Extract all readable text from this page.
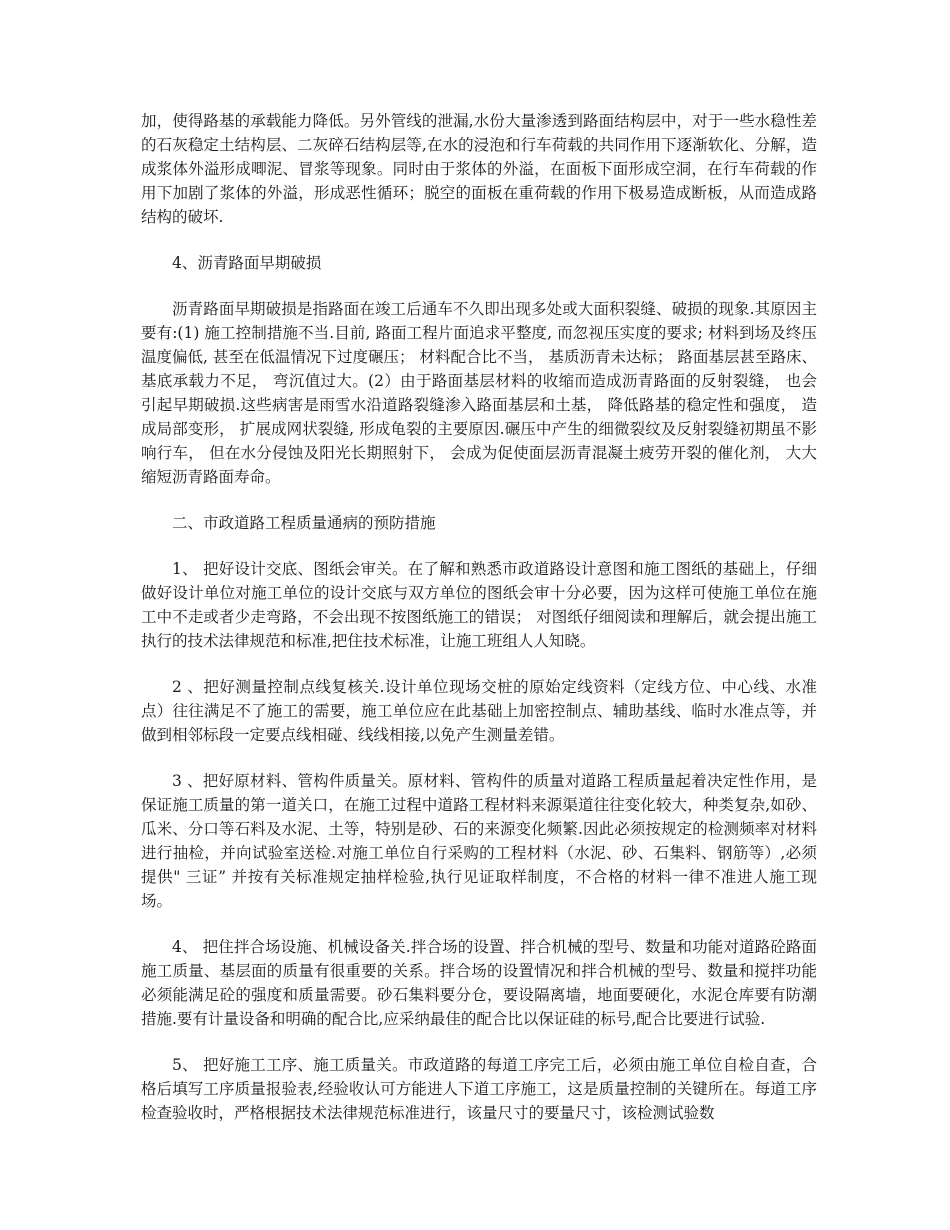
加，使得路基的承载能力降低。另外管线的泄漏,水份大量渗透到路面结构层中，对于一些水稳性差的石灰稳定土结构层、二灰碎石结构层等,在水的浸泡和行车荷载的共同作用下逐渐软化、分解，造成浆体外溢形成唧泥、冒浆等现象。同时由于浆体的外溢，在面板下面形成空洞，在行车荷载的作用下加剧了浆体的外溢，形成恶性循环；脱空的面板在重荷载的作用下极易造成断板，从而造成路结构的破坏.

4、沥青路面早期破损

沥青路面早期破损是指路面在竣工后通车不久即出现多处或大面积裂缝、破损的现象.其原因主要有:(1) 施工控制措施不当.目前, 路面工程片面追求平整度, 而忽视压实度的要求; 材料到场及终压温度偏低, 甚至在低温情况下过度碾压； 材料配合比不当， 基质沥青未达标； 路面基层甚至路床、基底承载力不足， 弯沉值过大。(2）由于路面基层材料的收缩而造成沥青路面的反射裂缝， 也会引起早期破损.这些病害是雨雪水沿道路裂缝渗入路面基层和土基， 降低路基的稳定性和强度， 造成局部变形， 扩展成网状裂缝, 形成龟裂的主要原因.碾压中产生的细微裂纹及反射裂缝初期虽不影响行车， 但在水分侵蚀及阳光长期照射下， 会成为促使面层沥青混凝土疲劳开裂的催化剂， 大大缩短沥青路面寿命。

二、市政道路工程质量通病的预防措施

1、 把好设计交底、图纸会审关。在了解和熟悉市政道路设计意图和施工图纸的基础上，仔细做好设计单位对施工单位的设计交底与双方单位的图纸会审十分必要，因为这样可使施工单位在施工中不走或者少走弯路，不会出现不按图纸施工的错误； 对图纸仔细阅读和理解后，就会提出施工执行的技术法律规范和标准,把住技术标准，让施工班组人人知晓。

2 、把好测量控制点线复核关.设计单位现场交桩的原始定线资料（定线方位、中心线、水准点）往往满足不了施工的需要，施工单位应在此基础上加密控制点、辅助基线、临时水准点等，并做到相邻标段一定要点线相碰、线线相接,以免产生测量差错。

3 、把好原材料、管构件质量关。原材料、管构件的质量对道路工程质量起着决定性作用，是保证施工质量的第一道关口，在施工过程中道路工程材料来源渠道往往变化较大，种类复杂,如砂、瓜米、分口等石料及水泥、土等，特别是砂、石的来源变化频繁.因此必须按规定的检测频率对材料进行抽检，并向试验室送检.对施工单位自行采购的工程材料（水泥、砂、石集料、钢筋等）,必须提供" 三证” 并按有关标准规定抽样检验,执行见证取样制度，不合格的材料一律不准进人施工现场。

4、 把住拌合场设施、机械设备关.拌合场的设置、拌合机械的型号、数量和功能对道路砼路面施工质量、基层面的质量有很重要的关系。拌合场的设置情况和拌合机械的型号、数量和搅拌功能必须能满足砼的强度和质量需要。砂石集料要分仓，要设隔离墙，地面要硬化，水泥仓库要有防潮措施.要有计量设备和明确的配合比,应采纳最佳的配合比以保证硅的标号,配合比要进行试验.

5、 把好施工工序、施工质量关。市政道路的每道工序完工后，必须由施工单位自检自查，合格后填写工序质量报验表,经验收认可方能进人下道工序施工，这是质量控制的关键所在。每道工序检查验收时，严格根据技术法律规范标准进行，该量尺寸的要量尺寸，该检测试验数
